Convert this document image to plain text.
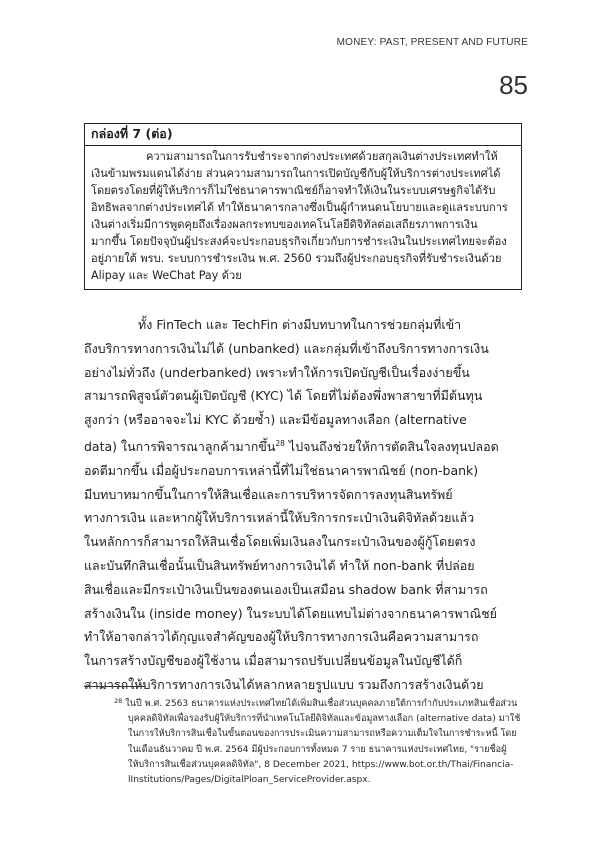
MONEY: PAST, PRESENT AND FUTURE
85
กล่องที่ 7 (ต่อ)
ความสามารถในการรับชำระจากต่างประเทศด้วยสกุลเงินต่างประเทศทำให้
เงินข้ามพรมแดนได้ง่าย ส่วนความสามารถในการเปิดบัญชีกับผู้ให้บริการต่างประเทศได้
โดยตรงโดยที่ผู้ให้บริการก็ไม่ใช่ธนาคารพาณิชย์ก็อาจทำให้เงินในระบบเศรษฐกิจได้รับ
อิทธิพลจากต่างประเทศได้ ทำให้ธนาคารกลางซึ่งเป็นผู้กำหนดนโยบายและดูแลระบบการ
เงินต่างเริ่มมีการพูดคุยถึงเรื่องผลกระทบของเทคโนโลยีดิจิทัลต่อเสถียรภาพการเงิน
มากขึ้น โดยปัจจุบันผู้ประสงค์จะประกอบธุรกิจเกี่ยวกับการชำระเงินในประเทศไทยจะต้อง
อยู่ภายใต้ พรบ. ระบบการชำระเงิน พ.ศ. 2560 รวมถึงผู้ประกอบธุรกิจที่รับชำระเงินด้วย
Alipay และ WeChat Pay ด้วย
ทั้ง FinTech และ TechFin ต่างมีบทบาทในการช่วยกลุ่มที่เข้า
ถึงบริการทางการเงินไม่ได้ (unbanked) และกลุ่มที่เข้าถึงบริการทางการเงิน
อย่างไม่ทั่วถึง (underbanked) เพราะทำให้การเปิดบัญชีเป็นเรื่องง่ายขึ้น
สามารถพิสูจน์ตัวตนผู้เปิดบัญชี (KYC) ได้ โดยที่ไม่ต้องพึ่งพาสาขาที่มีต้นทุน
สูงกว่า (หรืออาจจะไม่ KYC ด้วยซ้ำ) และมีข้อมูลทางเลือก (alternative
data) ในการพิจารณาลูกค้ามากขึ้น$^{28}$ ไปจนถึงช่วยให้การตัดสินใจลงทุนปลอด
อดตีมากขึ้น เมื่อผู้ประกอบการเหล่านี้ที่ไม่ใช่ธนาคารพาณิชย์ (non-bank)
มีบทบาทมากขึ้นในการให้สินเชื่อและการบริหารจัดการลงทุนสินทรัพย์
ทางการเงิน และหากผู้ให้บริการเหล่านี้ให้บริการกระเป๋าเงินดิจิทัลด้วยแล้ว
ในหลักการก็สามารถให้สินเชื่อโดยเพิ่มเงินลงในกระเป๋าเงินของผู้กู้โดยตรง
และบันทึกสินเชื่อนั้นเป็นสินทรัพย์ทางการเงินได้ ทำให้ non-bank ที่ปล่อย
สินเชื่อและมีกระเป๋าเงินเป็นของตนเองเป็นเสมือน shadow bank ที่สามารถ
สร้างเงินใน (inside money) ในระบบได้โดยแทบไม่ต่างจากธนาคารพาณิชย์
ทำให้อาจกล่าวได้กุญแจสำคัญของผู้ให้บริการทางการเงินคือความสามารถ
ในการสร้างบัญชีของผู้ใช้งาน เมื่อสามารถปรับเปลี่ยนข้อมูลในบัญชีได้ก็
สามารถให้บริการทางการเงินได้หลากหลายรูปแบบ รวมถึงการสร้างเงินด้วย
$^{28}$ ในปี พ.ศ. 2563 ธนาคารแห่งประเทศไทยได้เพิ่มสินเชื่อส่วนบุคคลภายใต้การกำกับประเภทสินเชื่อส่วน
บุคคลดิจิทัลเพื่อรองรับผู้ให้บริการที่นำเทคโนโลยีดิจิทัลและข้อมูลทางเลือก (alternative data) มาใช้
ในการให้บริการสินเชื่อในขั้นตอนของการประเมินความสามารถหรือความเต็มใจในการชำระหนี้ โดย
ในเดือนธันวาคม ปี พ.ศ. 2564 มีผู้ประกอบการทั้งหมด 7 ราย ธนาคารแห่งประเทศไทย, "รายชื่อผู้
ให้บริการสินเชื่อส่วนบุคคลดิจิทัล", 8 December 2021, https://www.bot.or.th/Thai/Financia-
lInstitutions/Pages/DigitalPloan_ServiceProvider.aspx.
